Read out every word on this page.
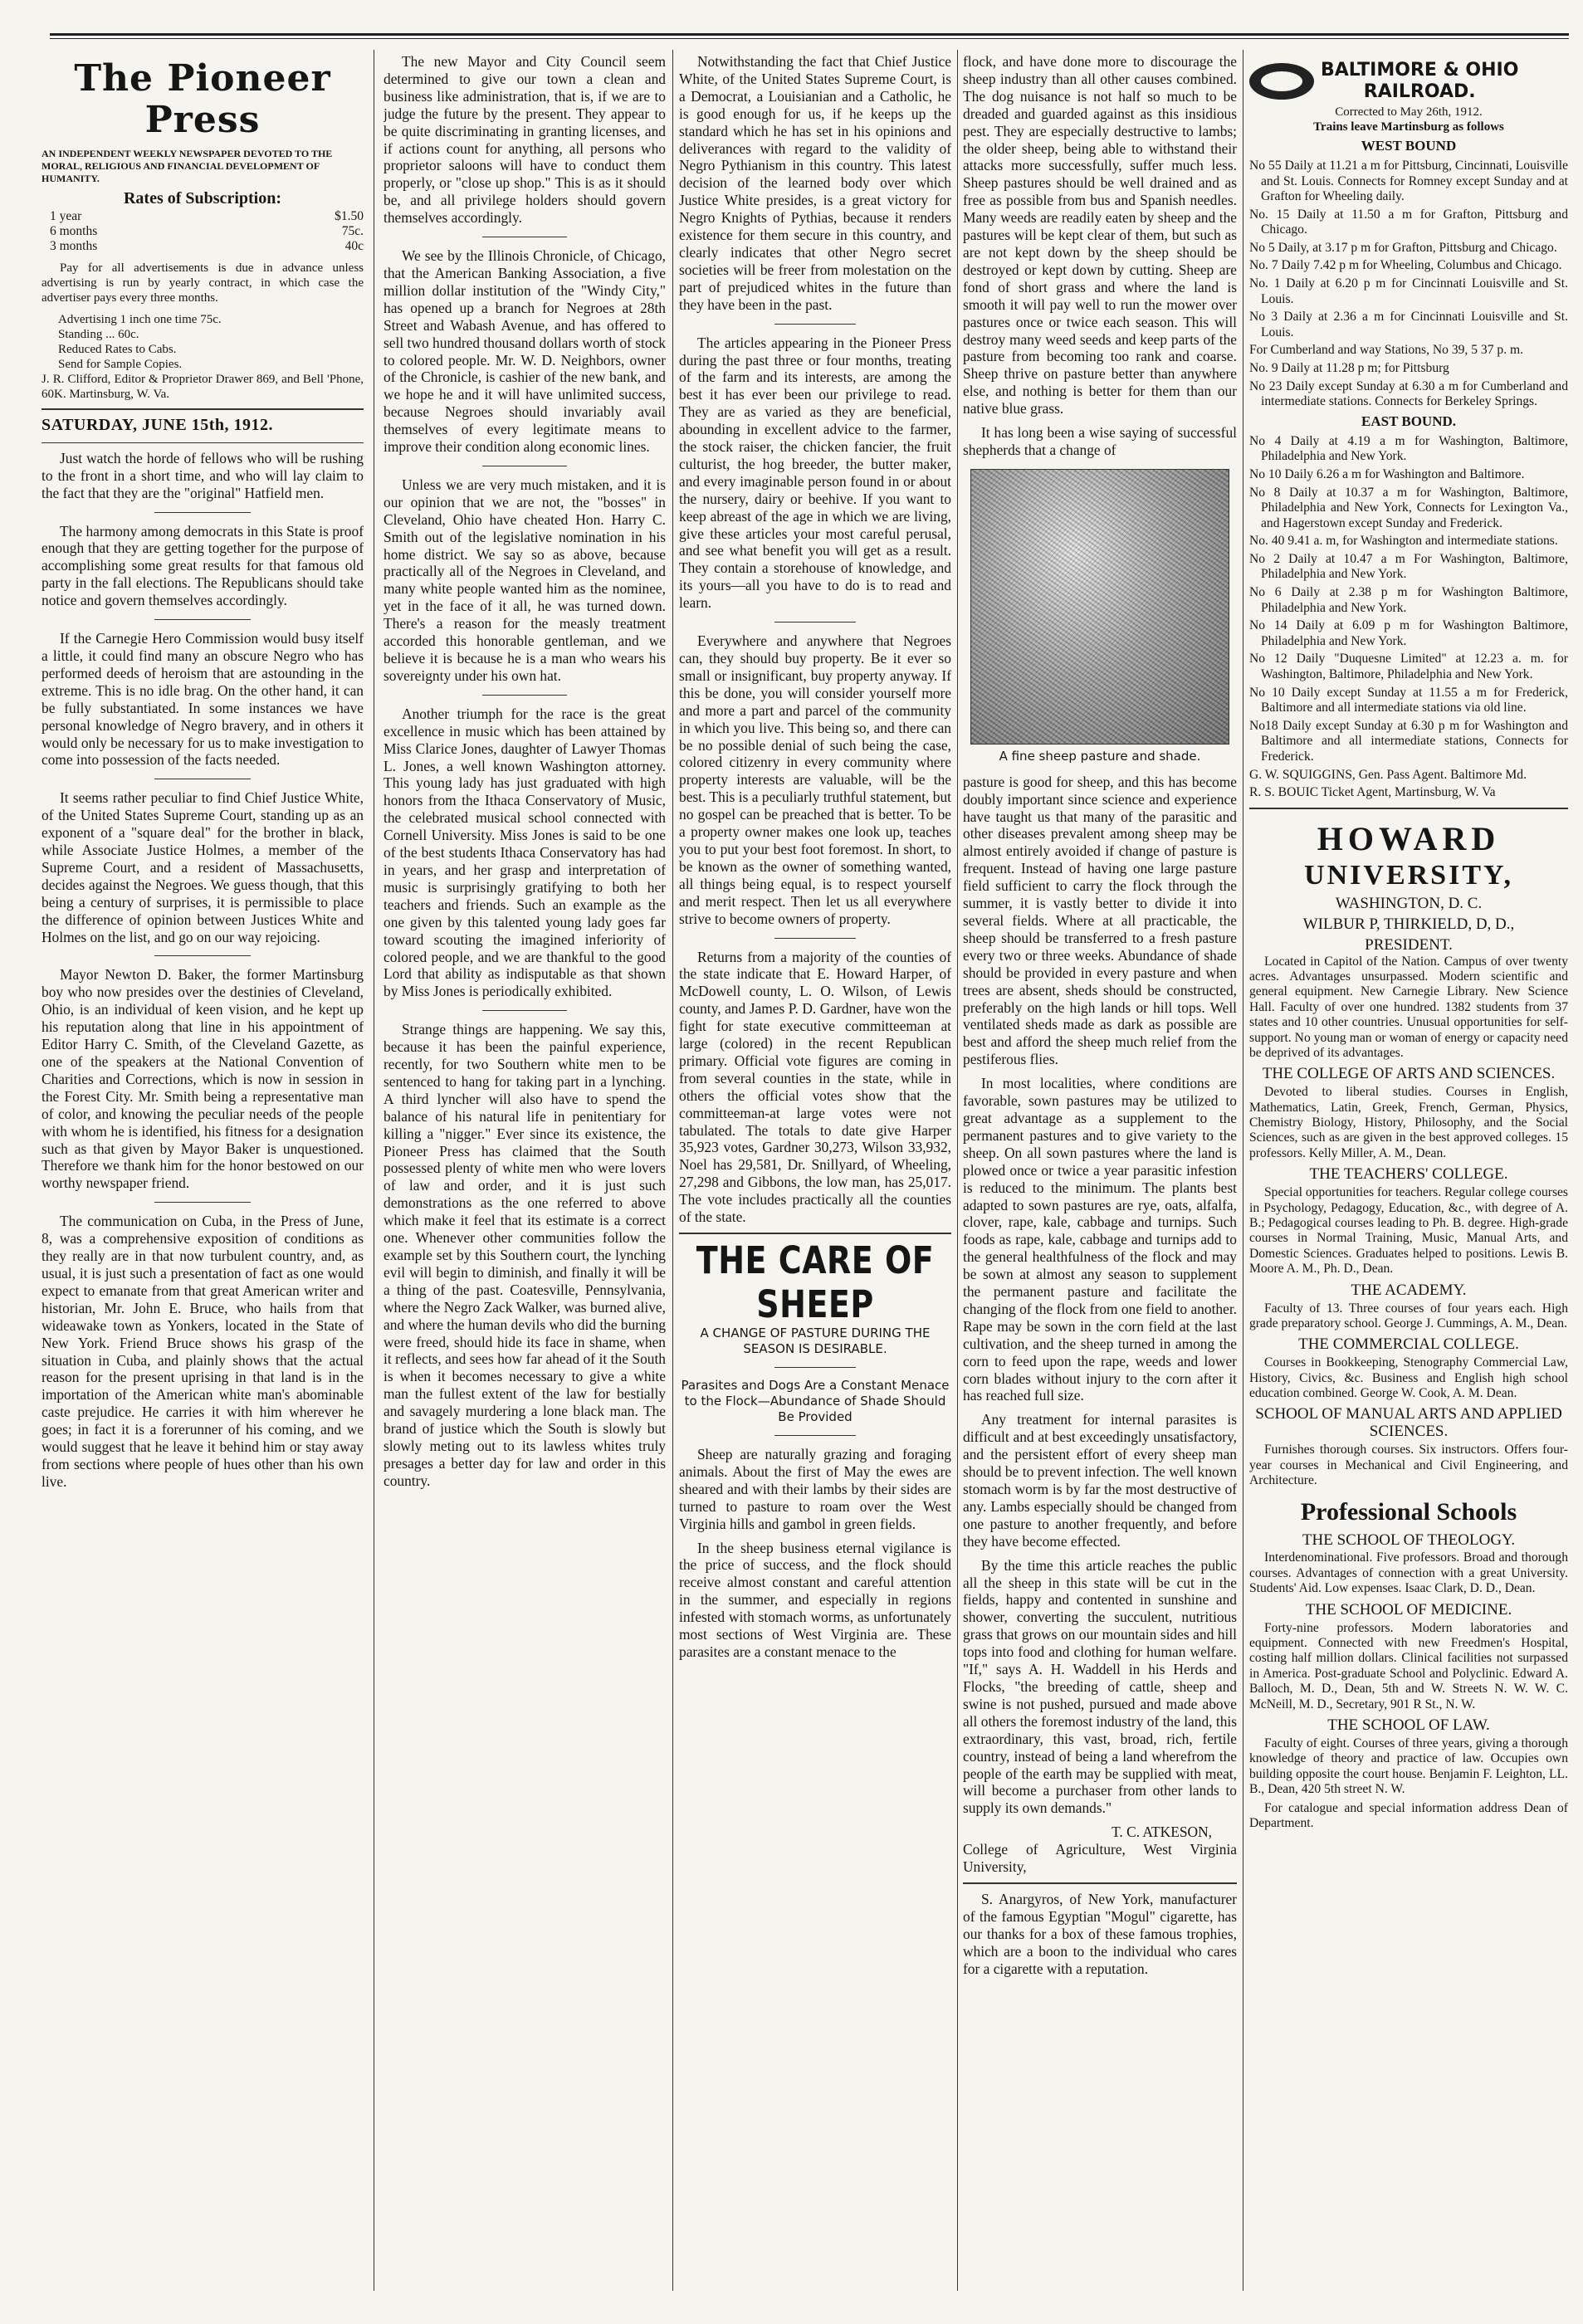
The Pioneer Press
AN INDEPENDENT WEEKLY NEWSPAPER DEVOTED TO THE MORAL, RELIGIOUS AND FINANCIAL DEVELOPMENT OF HUMANITY.
Rates of Subscription:
1 year	$1.50
6 months	75c.
3 months	40c

Pay for all advertisements is due in advance unless advertising is run by yearly contract, in which case the advertiser pays every three months.

Advertising 1 inch one time 75c.
Standing ... 60c.
Reduced Rates to Cabs.
Send for Sample Copies.

J. R. Clifford, Editor & Proprietor Drawer 869, and Bell 'Phone, 60K. Martinsburg, W. Va.

SATURDAY, JUNE 15th, 1912.

Just watch the horde of fellows who will be rushing to the front in a short time, and who will lay claim to the fact that they are the "original" Hatfield men.

The harmony among democrats in this State is proof enough that they are getting together for the purpose of accomplishing some great results for that famous old party in the fall elections. The Republicans should take notice and govern themselves accordingly.

If the Carnegie Hero Commission would busy itself a little, it could find many an obscure Negro who has performed deeds of heroism that are astounding in the extreme. This is no idle brag. On the other hand, it can be fully substantiated. In some instances we have personal knowledge of Negro bravery, and in others it would only be necessary for us to make investigation to come into possession of the facts needed.

It seems rather peculiar to find Chief Justice White, of the United States Supreme Court, standing up as an exponent of a "square deal" for the brother in black, while Associate Justice Holmes, a member of the Supreme Court, and a resident of Massachusetts, decides against the Negroes. We guess though, that this being a century of surprises, it is permissible to place the difference of opinion between Justices White and Holmes on the list, and go on our way rejoicing.

Mayor Newton D. Baker, the former Martinsburg boy who now presides over the destinies of Cleveland, Ohio, is an individual of keen vision, and he kept up his reputation along that line in his appointment of Editor Harry C. Smith, of the Cleveland Gazette, as one of the speakers at the National Convention of Charities and Corrections, which is now in session in the Forest City. Mr. Smith being a representative man of color, and knowing the peculiar needs of the people with whom he is identified, his fitness for a designation such as that given by Mayor Baker is unquestioned. Therefore we thank him for the honor bestowed on our worthy newspaper friend.

The communication on Cuba, in the Press of June, 8, was a comprehensive exposition of conditions as they really are in that now turbulent country, and, as usual, it is just such a presentation of fact as one would expect to emanate from that great American writer and historian, Mr. John E. Bruce, who hails from that wideawake town as Yonkers, located in the State of New York. Friend Bruce shows his grasp of the situation in Cuba, and plainly shows that the actual reason for the present uprising in that land is in the importation of the American white man's abominable caste prejudice. He carries it with him wherever he goes; in fact it is a forerunner of his coming, and we would suggest that he leave it behind him or stay away from sections where people of hues other than his own live.

The new Mayor and City Council seem determined to give our town a clean and business like administration, that is, if we are to judge the future by the present. They appear to be quite discriminating in granting licenses, and if actions count for anything, all persons who proprietor saloons will have to conduct them properly, or "close up shop." This is as it should be, and all privilege holders should govern themselves accordingly.

We see by the Illinois Chronicle, of Chicago, that the American Banking Association, a five million dollar institution of the "Windy City," has opened up a branch for Negroes at 28th Street and Wabash Avenue, and has offered to sell two hundred thousand dollars worth of stock to colored people. Mr. W. D. Neighbors, owner of the Chronicle, is cashier of the new bank, and we hope he and it will have unlimited success, because Negroes should invariably avail themselves of every legitimate means to improve their condition along economic lines.

Unless we are very much mistaken, and it is our opinion that we are not, the "bosses" in Cleveland, Ohio have cheated Hon. Harry C. Smith out of the legislative nomination in his home district. We say so as above, because practically all of the Negroes in Cleveland, and many white people wanted him as the nominee, yet in the face of it all, he was turned down. There's a reason for the measly treatment accorded this honorable gentleman, and we believe it is because he is a man who wears his sovereignty under his own hat.

Another triumph for the race is the great excellence in music which has been attained by Miss Clarice Jones, daughter of Lawyer Thomas L. Jones, a well known Washington attorney. This young lady has just graduated with high honors from the Ithaca Conservatory of Music, the celebrated musical school connected with Cornell University. Miss Jones is said to be one of the best students Ithaca Conservatory has had in years, and her grasp and interpretation of music is surprisingly gratifying to both her teachers and friends. Such an example as the one given by this talented young lady goes far toward scouting the imagined inferiority of colored people, and we are thankful to the good Lord that ability as indisputable as that shown by Miss Jones is periodically exhibited.

Strange things are happening. We say this, because it has been the painful experience, recently, for two Southern white men to be sentenced to hang for taking part in a lynching. A third lyncher will also have to spend the balance of his natural life in penitentiary for killing a "nigger." Ever since its existence, the Pioneer Press has claimed that the South possessed plenty of white men who were lovers of law and order, and it is just such demonstrations as the one referred to above which make it feel that its estimate is a correct one. Whenever other communities follow the example set by this Southern court, the lynching evil will begin to diminish, and finally it will be a thing of the past. Coatesville, Pennsylvania, where the Negro Zack Walker, was burned alive, and where the human devils who did the burning were freed, should hide its face in shame, when it reflects, and sees how far ahead of it the South is when it becomes necessary to give a white man the fullest extent of the law for bestially and savagely murdering a lone black man. The brand of justice which the South is slowly but slowly meting out to its lawless whites truly presages a better day for law and order in this country.

Notwithstanding the fact that Chief Justice White, of the United States Supreme Court, is a Democrat, a Louisianian and a Catholic, he is good enough for us, if he keeps up the standard which he has set in his opinions and deliverances with regard to the validity of Negro Pythianism in this country. This latest decision of the learned body over which Justice White presides, is a great victory for Negro Knights of Pythias, because it renders existence for them secure in this country, and clearly indicates that other Negro secret societies will be freer from molestation on the part of prejudiced whites in the future than they have been in the past.

The articles appearing in the Pioneer Press during the past three or four months, treating of the farm and its interests, are among the best it has ever been our privilege to read. They are as varied as they are beneficial, abounding in excellent advice to the farmer, the stock raiser, the chicken fancier, the fruit culturist, the hog breeder, the butter maker, and every imaginable person found in or about the nursery, dairy or beehive. If you want to keep abreast of the age in which we are living, give these articles your most careful perusal, and see what benefit you will get as a result. They contain a storehouse of knowledge, and its yours—all you have to do is to read and learn.

Everywhere and anywhere that Negroes can, they should buy property. Be it ever so small or insignificant, buy property anyway. If this be done, you will consider yourself more and more a part and parcel of the community in which you live. This being so, and there can be no possible denial of such being the case, colored citizenry in every community where property interests are valuable, will be the best. This is a peculiarly truthful statement, but no gospel can be preached that is better. To be a property owner makes one look up, teaches you to put your best foot foremost. In short, to be known as the owner of something wanted, all things being equal, is to respect yourself and merit respect. Then let us all everywhere strive to become owners of property.

Returns from a majority of the counties of the state indicate that E. Howard Harper, of McDowell county, L. O. Wilson, of Lewis county, and James P. D. Gardner, have won the fight for state executive committeeman at large (colored) in the recent Republican primary. Official vote figures are coming in from several counties in the state, while in others the official votes show that the committeeman-at large votes were not tabulated. The totals to date give Harper 35,923 votes, Gardner 30,273, Wilson 33,932, Noel has 29,581, Dr. Snillyard, of Wheeling, 27,298 and Gibbons, the low man, has 25,017. The vote includes practically all the counties of the state.

THE CARE OF SHEEP
A CHANGE OF PASTURE DURING THE SEASON IS DESIRABLE.
Parasites and Dogs Are a Constant Menace to the Flock—Abundance of Shade Should Be Provided

Sheep are naturally grazing and foraging animals. About the first of May the ewes are sheared and with their lambs by their sides are turned to pasture to roam over the West Virginia hills and gambol in green fields.

In the sheep business eternal vigilance is the price of success, and the flock should receive almost constant and careful attention in the summer, and especially in regions infested with stomach worms, as unfortunately most sections of West Virginia are. These parasites are a constant menace to the

flock, and have done more to discourage the sheep industry than all other causes combined. The dog nuisance is not half so much to be dreaded and guarded against as this insidious pest. They are especially destructive to lambs; the older sheep, being able to withstand their attacks more successfully, suffer much less. Sheep pastures should be well drained and as free as possible from bus and Spanish needles. Many weeds are readily eaten by sheep and the pastures will be kept clear of them, but such as are not kept down by the sheep should be destroyed or kept down by cutting. Sheep are fond of short grass and where the land is smooth it will pay well to run the mower over pastures once or twice each season. This will destroy many weed seeds and keep parts of the pasture from becoming too rank and coarse. Sheep thrive on pasture better than anywhere else, and nothing is better for them than our native blue grass.

It has long been a wise saying of successful shepherds that a change of

A fine sheep pasture and shade.

pasture is good for sheep, and this has become doubly important since science and experience have taught us that many of the parasitic and other diseases prevalent among sheep may be almost entirely avoided if change of pasture is frequent. Instead of having one large pasture field sufficient to carry the flock through the summer, it is vastly better to divide it into several fields. Where at all practicable, the sheep should be transferred to a fresh pasture every two or three weeks. Abundance of shade should be provided in every pasture and when trees are absent, sheds should be constructed, preferably on the high lands or hill tops. Well ventilated sheds made as dark as possible are best and afford the sheep much relief from the pestiferous flies.

In most localities, where conditions are favorable, sown pastures may be utilized to great advantage as a supplement to the permanent pastures and to give variety to the sheep. On all sown pastures where the land is plowed once or twice a year parasitic infestion is reduced to the minimum. The plants best adapted to sown pastures are rye, oats, alfalfa, clover, rape, kale, cabbage and turnips. Such foods as rape, kale, cabbage and turnips add to the general healthfulness of the flock and may be sown at almost any season to supplement the permanent pasture and facilitate the changing of the flock from one field to another. Rape may be sown in the corn field at the last cultivation, and the sheep turned in among the corn to feed upon the rape, weeds and lower corn blades without injury to the corn after it has reached full size.

Any treatment for internal parasites is difficult and at best exceedingly unsatisfactory, and the persistent effort of every sheep man should be to prevent infection. The well known stomach worm is by far the most destructive of any. Lambs especially should be changed from one pasture to another frequently, and before they have become effected.

By the time this article reaches the public all the sheep in this state will be cut in the fields, happy and contented in sunshine and shower, converting the succulent, nutritious grass that grows on our mountain sides and hill tops into food and clothing for human welfare. "If," says A. H. Waddell in his Herds and Flocks, "the breeding of cattle, sheep and swine is not pushed, pursued and made above all others the foremost industry of the land, this extraordinary, this vast, broad, rich, fertile country, instead of being a land wherefrom the people of the earth may be supplied with meat, will become a purchaser from other lands to supply its own demands."

T. C. ATKESON,

College of Agriculture, West Virginia University,

S. Anargyros, of New York, manufacturer of the famous Egyptian "Mogul" cigarette, has our thanks for a box of these famous trophies, which are a boon to the individual who cares for a cigarette with a reputation.

BALTIMORE & OHIO
RAILROAD.
Corrected to May 26th, 1912.
Trains leave Martinsburg as follows
WEST BOUND

No 55 Daily at 11.21 a m for Pittsburg, Cincinnati, Louisville and St. Louis. Connects for Romney except Sunday and at Grafton for Wheeling daily.

No. 15 Daily at 11.50 a m for Grafton, Pittsburg and Chicago.

No 5 Daily, at 3.17 p m for Grafton, Pittsburg and Chicago.

No. 7 Daily 7.42 p m for Wheeling, Columbus and Chicago.

No. 1 Daily at 6.20 p m for Cincinnati Louisville and St. Louis.

No 3 Daily at 2.36 a m for Cincinnati Louisville and St. Louis.

For Cumberland and way Stations, No 39, 5 37 p. m.

No. 9 Daily at 11.28 p m; for Pittsburg

No 23 Daily except Sunday at 6.30 a m for Cumberland and intermediate stations. Connects for Berkeley Springs.

EAST BOUND.

No 4 Daily at 4.19 a m for Washington, Baltimore, Philadelphia and New York.

No 10 Daily 6.26 a m for Washington and Baltimore.

No 8 Daily at 10.37 a m for Washington, Baltimore, Philadelphia and New York, Connects for Lexington Va., and Hagerstown except Sunday and Frederick.

No. 40 9.41 a. m, for Washington and intermediate stations.

No 2 Daily at 10.47 a m For Washington, Baltimore, Philadelphia and New York.

No 6 Daily at 2.38 p m for Washington Baltimore, Philadelphia and New York.

No 14 Daily at 6.09 p m for Washington Baltimore, Philadelphia and New York.

No 12 Daily "Duquesne Limited" at 12.23 a. m. for Washington, Baltimore, Philadelphia and New York.

No 10 Daily except Sunday at 11.55 a m for Frederick, Baltimore and all intermediate stations via old line.

No18 Daily except Sunday at 6.30 p m for Washington and Baltimore and all intermediate stations, Connects for Frederick.

G. W. SQUIGGINS, Gen. Pass Agent. Baltimore Md.

R. S. BOUIC Ticket Agent, Martinsburg, W. Va

HOWARD
UNIVERSITY,
WASHINGTON, D. C.
WILBUR P, THIRKIELD, D, D.,
PRESIDENT.

Located in Capitol of the Nation. Campus of over twenty acres. Advantages unsurpassed. Modern scientific and general equipment. New Carnegie Library. New Science Hall. Faculty of over one hundred. 1382 students from 37 states and 10 other countries. Unusual opportunities for self-support. No young man or woman of energy or capacity need be deprived of its advantages.

THE COLLEGE OF ARTS AND SCIENCES.

Devoted to liberal studies. Courses in English, Mathematics, Latin, Greek, French, German, Physics, Chemistry Biology, History, Philosophy, and the Social Sciences, such as are given in the best approved colleges. 15 professors. Kelly Miller, A. M., Dean.

THE TEACHERS' COLLEGE.

Special opportunities for teachers. Regular college courses in Psychology, Pedagogy, Education, &c., with degree of A. B.; Pedagogical courses leading to Ph. B. degree. High-grade courses in Normal Training, Music, Manual Arts, and Domestic Sciences. Graduates helped to positions. Lewis B. Moore A. M., Ph. D., Dean.

THE ACADEMY.

Faculty of 13. Three courses of four years each. High grade preparatory school. George J. Cummings, A. M., Dean.

THE COMMERCIAL COLLEGE.

Courses in Bookkeeping, Stenography Commercial Law, History, Civics, &c. Business and English high school education combined. George W. Cook, A. M. Dean.

SCHOOL OF MANUAL ARTS AND APPLIED SCIENCES.

Furnishes thorough courses. Six instructors. Offers four-year courses in Mechanical and Civil Engineering, and Architecture.

Professional Schools
THE SCHOOL OF THEOLOGY.

Interdenominational. Five professors. Broad and thorough courses. Advantages of connection with a great University. Students' Aid. Low expenses. Isaac Clark, D. D., Dean.

THE SCHOOL OF MEDICINE.

Forty-nine professors. Modern laboratories and equipment. Connected with new Freedmen's Hospital, costing half million dollars. Clinical facilities not surpassed in America. Post-graduate School and Polyclinic. Edward A. Balloch, M. D., Dean, 5th and W. Streets N. W. W. C. McNeill, M. D., Secretary, 901 R St., N. W.

THE SCHOOL OF LAW.

Faculty of eight. Courses of three years, giving a thorough knowledge of theory and practice of law. Occupies own building opposite the court house. Benjamin F. Leighton, LL. B., Dean, 420 5th street N. W.

For catalogue and special information address Dean of Department.
